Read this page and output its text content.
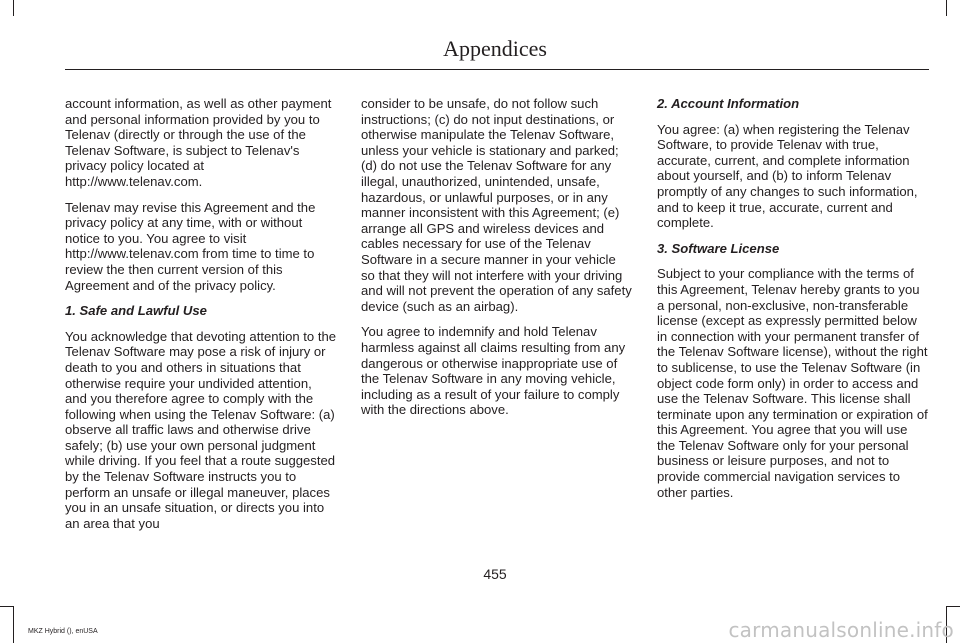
Appendices

account information, as well as other payment and personal information provided by you to Telenav (directly or through the use of the Telenav Software, is subject to Telenav's privacy policy located at

http://www.telenav.com.

Telenav may revise this Agreement and the privacy policy at any time, with or without notice to you. You agree to visit

http://www.telenav.com from time to time to review the then current version of this Agreement and of the privacy policy.

1. Safe and Lawful Use

You acknowledge that devoting attention to the Telenav Software may pose a risk of injury or death to you and others in situations that otherwise require your undivided attention, and you therefore agree to comply with the following when using the Telenav Software: (a) observe all traffic laws and otherwise drive safely; (b) use your own personal judgment while driving. If you feel that a route suggested by the Telenav Software instructs you to perform an unsafe or illegal maneuver, places you in an unsafe situation, or directs you into an area that you

consider to be unsafe, do not follow such instructions; (c) do not input destinations, or otherwise manipulate the Telenav Software, unless your vehicle is stationary and parked; (d) do not use the Telenav Software for any illegal, unauthorized, unintended, unsafe, hazardous, or unlawful purposes, or in any manner inconsistent with this Agreement; (e) arrange all GPS and wireless devices and cables necessary for use of the Telenav Software in a secure manner in your vehicle so that they will not interfere with your driving and will not prevent the operation of any safety device (such as an airbag).

You agree to indemnify and hold Telenav harmless against all claims resulting from any dangerous or otherwise inappropriate use of the Telenav Software in any moving vehicle, including as a result of your failure to comply with the directions above.

2. Account Information

You agree: (a) when registering the Telenav Software, to provide Telenav with true, accurate, current, and complete information about yourself, and (b) to inform Telenav promptly of any changes to such information, and to keep it true, accurate, current and complete.

3. Software License

Subject to your compliance with the terms of this Agreement, Telenav hereby grants to you a personal, non-exclusive, non-transferable license (except as expressly permitted below in connection with your permanent transfer of the Telenav Software license), without the right to sublicense, to use the Telenav Software (in object code form only) in order to access and use the Telenav Software. This license shall terminate upon any termination or expiration of this Agreement. You agree that you will use the Telenav Software only for your personal business or leisure purposes, and not to provide commercial navigation services to other parties.

455
MKZ Hybrid (), enUSA	carmanualsonline.info
